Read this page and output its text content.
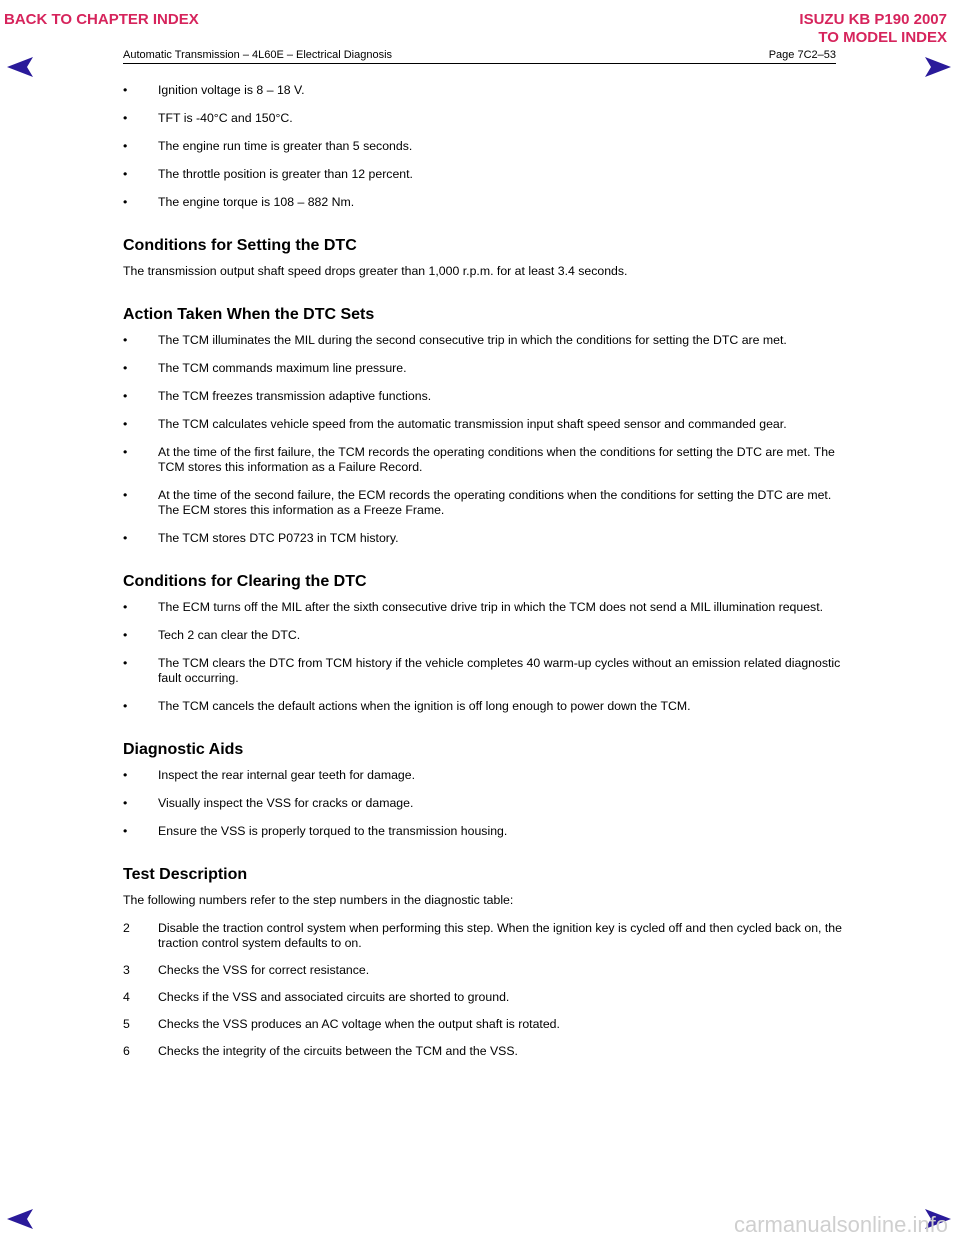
BACK TO CHAPTER INDEX	ISUZU KB P190 2007
TO MODEL INDEX
Automatic Transmission – 4L60E – Electrical Diagnosis	Page 7C2–53
• Ignition voltage is 8 – 18 V.
• TFT is -40°C and 150°C.
• The engine run time is greater than 5 seconds.
• The throttle position is greater than 12 percent.
• The engine torque is 108 – 882 Nm.
Conditions for Setting the DTC
The transmission output shaft speed drops greater than 1,000 r.p.m. for at least 3.4 seconds.
Action Taken When the DTC Sets
• The TCM illuminates the MIL during the second consecutive trip in which the conditions for setting the DTC are met.
• The TCM commands maximum line pressure.
• The TCM freezes transmission adaptive functions.
• The TCM calculates vehicle speed from the automatic transmission input shaft speed sensor and commanded gear.
• At the time of the first failure, the TCM records the operating conditions when the conditions for setting the DTC are met. The TCM stores this information as a Failure Record.
• At the time of the second failure, the ECM records the operating conditions when the conditions for setting the DTC are met. The ECM stores this information as a Freeze Frame.
• The TCM stores DTC P0723 in TCM history.
Conditions for Clearing the DTC
• The ECM turns off the MIL after the sixth consecutive drive trip in which the TCM does not send a MIL illumination request.
• Tech 2 can clear the DTC.
• The TCM clears the DTC from TCM history if the vehicle completes 40 warm-up cycles without an emission related diagnostic fault occurring.
• The TCM cancels the default actions when the ignition is off long enough to power down the TCM.
Diagnostic Aids
• Inspect the rear internal gear teeth for damage.
• Visually inspect the VSS for cracks or damage.
• Ensure the VSS is properly torqued to the transmission housing.
Test Description
The following numbers refer to the step numbers in the diagnostic table:
2 Disable the traction control system when performing this step. When the ignition key is cycled off and then cycled back on, the traction control system defaults to on.
3 Checks the VSS for correct resistance.
4 Checks if the VSS and associated circuits are shorted to ground.
5 Checks the VSS produces an AC voltage when the output shaft is rotated.
6 Checks the integrity of the circuits between the TCM and the VSS.
carmanualsonline.info
